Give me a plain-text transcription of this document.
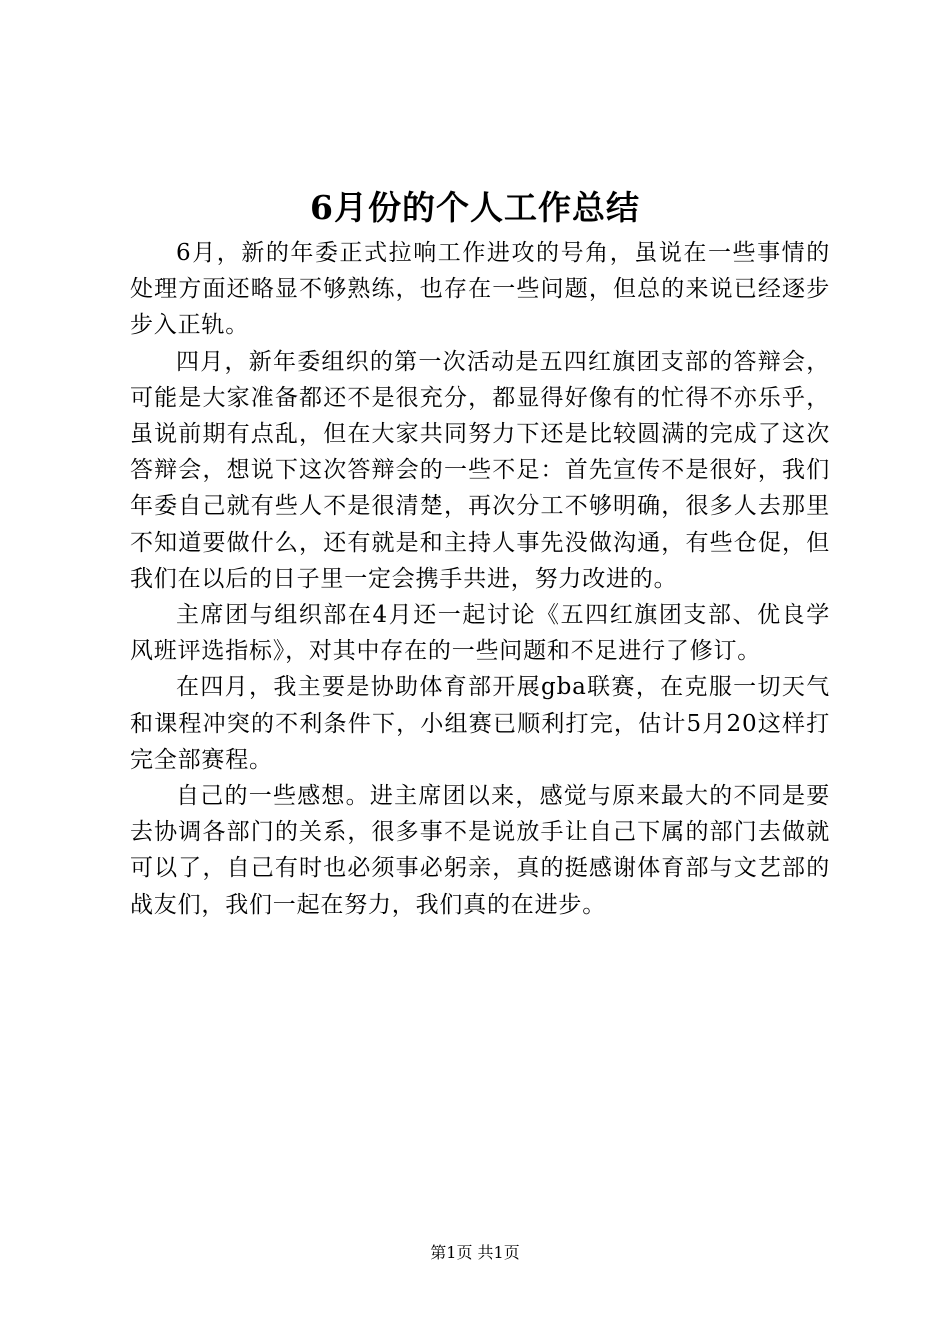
6月份的个人工作总结

6月，新的年委正式拉响工作进攻的号角，虽说在一些事情的处理方面还略显不够熟练，也存在一些问题，但总的来说已经逐步步入正轨。

四月，新年委组织的第一次活动是五四红旗团支部的答辩会，可能是大家准备都还不是很充分，都显得好像有的忙得不亦乐乎，虽说前期有点乱，但在大家共同努力下还是比较圆满的完成了这次答辩会，想说下这次答辩会的一些不足：首先宣传不是很好，我们年委自己就有些人不是很清楚，再次分工不够明确，很多人去那里不知道要做什么，还有就是和主持人事先没做沟通，有些仓促，但我们在以后的日子里一定会携手共进，努力改进的。

主席团与组织部在4月还一起讨论《五四红旗团支部、优良学风班评选指标》，对其中存在的一些问题和不足进行了修订。

在四月，我主要是协助体育部开展gba联赛，在克服一切天气和课程冲突的不利条件下，小组赛已顺利打完，估计5月20这样打完全部赛程。

自己的一些感想。进主席团以来，感觉与原来最大的不同是要去协调各部门的关系，很多事不是说放手让自己下属的部门去做就可以了，自己有时也必须事必躬亲，真的挺感谢体育部与文艺部的战友们，我们一起在努力，我们真的在进步。

第1页 共1页
